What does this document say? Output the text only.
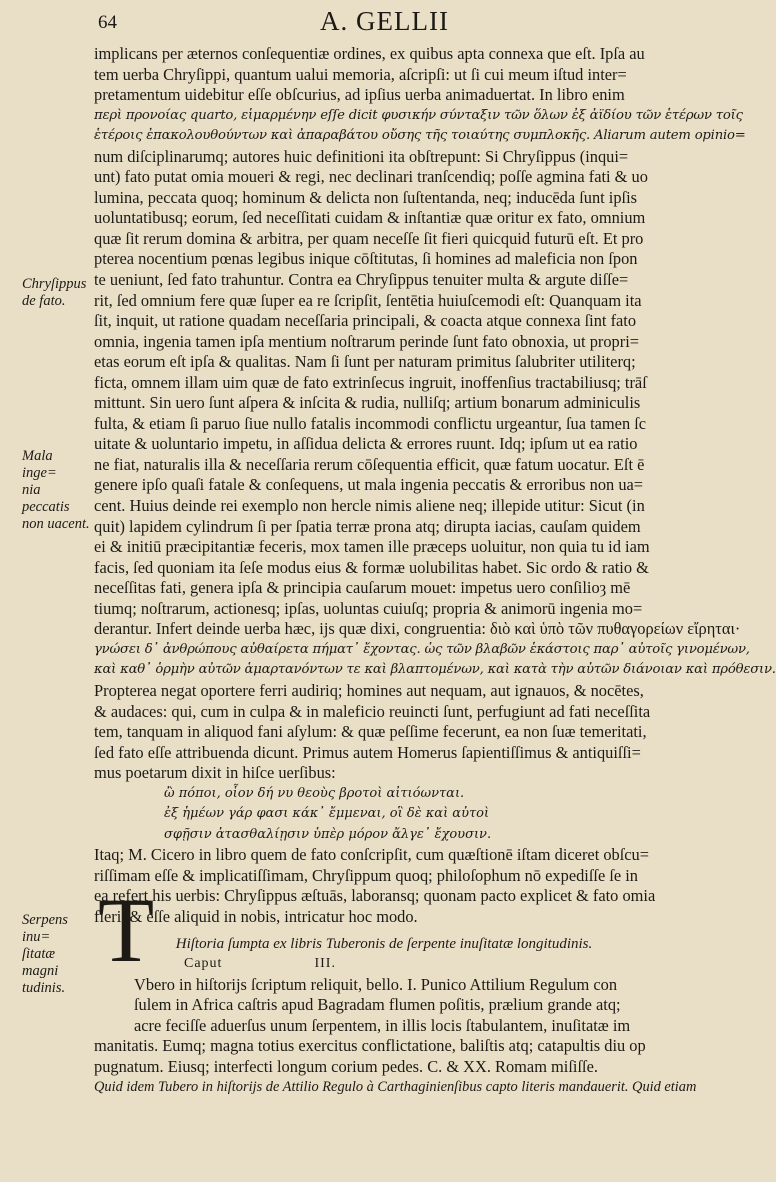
64	A. GELLII
Chryſippus
de fato.
Mala inge=
nia peccatis
non uacent.
Serpens inu=
ſitatæ magni
tudinis.
implicans per æternos conſequentiæ ordines, ex quibus apta connexa que eſt. Ipſa au
tem uerba Chryſippi, quantum ualui memoria, aſcripſi: ut ſi cui meum iſtud inter=
pretamentum uidebitur eſſe obſcurius, ad ipſius uerba animaduertat. In libro enim
περὶ προνοίας quarto, εἱμαρμένην eſſe dicit φυσικήν σύνταξιν τῶν ὅλων ἐξ ἀϊδίου τῶν ἑτέρων τοῖς
ἑτέροις ἐπακολουθούντων καὶ ἀπαραβάτου οὔσης τῆς τοιαύτης συμπλοκῆς. Aliarum autem opinio=
num diſciplinarumq; autores huic definitioni ita obſtrepunt: Si Chryſippus (inqui=
unt) fato putat omia moueri & regi, nec declinari tranſcendiq; poſſe agmina fati & uo
lumina, peccata quoq; hominum & delicta non ſuſtentanda, neq; inducēda ſunt ipſis
uoluntatibusq; eorum, ſed neceſſitati cuidam & inſtantiæ quæ oritur ex fato, omnium
quæ ſit rerum domina & arbitra, per quam neceſſe ſit fieri quicquid futurū eſt. Et pro
pterea nocentium pœnas legibus inique cōſtitutas, ſi homines ad maleficia non ſpon
te ueniunt, ſed fato trahuntur. Contra ea Chryſippus tenuiter multa & argute diſſe=
rit, ſed omnium fere quæ ſuper ea re ſcripſit, ſentētia huiuſcemodi eſt: Quanquam ita
ſit, inquit, ut ratione quadam neceſſaria principali, & coacta atque connexa ſint fato
omnia, ingenia tamen ipſa mentium noſtrarum perinde ſunt fato obnoxia, ut propri=
etas eorum eſt ipſa & qualitas. Nam ſi ſunt per naturam primitus ſalubriter utiliterq;
ficta, omnem illam uim quæ de fato extrinſecus ingruit, inoffenſius tractabiliusq; trāſ
mittunt. Sin uero ſunt aſpera & inſcita & rudia, nulliſq; artium bonarum adminiculis
fulta, & etiam ſi paruo ſiue nullo fatalis incommodi conflictu urgeantur, ſua tamen ſc
uitate & uoluntario impetu, in aſſidua delicta & errores ruunt. Idq; ipſum ut ea ratio
ne fiat, naturalis illa & neceſſaria rerum cōſequentia efficit, quæ fatum uocatur. Eſt ē
genere ipſo quaſi fatale & conſequens, ut mala ingenia peccatis & erroribus non ua=
cent. Huius deinde rei exemplo non hercle nimis aliene neq; illepide utitur: Sicut (in
quit) lapidem cylindrum ſi per ſpatia terræ prona atq; dirupta iacias, cauſam quidem
ei & initiū præcipitantiæ feceris, mox tamen ille præceps uoluitur, non quia tu id iam
facis, ſed quoniam ita ſeſe modus eius & formæ uolubilitas habet. Sic ordo & ratio &
neceſſitas fati, genera ipſa & principia cauſarum mouet: impetus uero conſilioȝ mē
tiumq; noſtrarum, actionesq; ipſas, uoluntas cuiuſq; propria & animorū ingenia mo=
derantur. Infert deinde uerba hæc, ijs quæ dixi, congruentia: διὸ καὶ ὑπὸ τῶν πυθαγορείων εἴρηται·
γνώσει δ᾽ ἀνθρώπους αὐθαίρετα πήματ᾽ ἔχοντας. ὡς τῶν βλαβῶν ἑκάστοις παρ᾽ αὐτοῖς γινομένων,
καὶ καθ᾽ ὁρμὴν αὐτῶν ἁμαρτανόντων τε καὶ βλαπτομένων, καὶ κατὰ τὴν αὐτῶν διάνοιαν καὶ πρόθεσιν.
Propterea negat oportere ferri audiriq; homines aut nequam, aut ignauos, & nocētes,
& audaces: qui, cum in culpa & in maleficio reuincti ſunt, perfugiunt ad fati neceſſita
tem, tanquam in aliquod fani aſylum: & quæ peſſime fecerunt, ea non ſuæ temeritati,
ſed fato eſſe attribuenda dicunt. Primus autem Homerus ſapientiſſimus & antiquiſſi=
mus poetarum dixit in hiſce uerſibus:
ὢ πόποι, οἷον δή νυ θεοὺς βροτοὶ αἰτιόωνται.
ἐξ ἡμέων γάρ φασι κάκ᾽ ἔμμεναι, οἳ δὲ καὶ αὐτοὶ
σφῇσιν ἀτασθαλίῃσιν ὑπὲρ μόρον ἄλγε᾽ ἔχουσιν.
Itaq; M. Cicero in libro quem de fato conſcripſit, cum quæſtionē iſtam diceret obſcu=
riſſimam eſſe & implicatiſſimam, Chryſippum quoq; philoſophum nō expediſſe ſe in
ea refert his uerbis: Chryſippus æſtuās, laboransq; quonam pacto explicet & fato omia
fieri, & eſſe aliquid in nobis, intricatur hoc modo.
Hiſtoria ſumpta ex libris Tuberonis de ſerpente inuſitatæ longitudinis.
Caput	III.
Vbero in hiſtorijs ſcriptum reliquit, bello. I. Punico Attilium Regulum con
ſulem in Africa caſtris apud Bagradam flumen poſitis, prælium grande atq;
acre feciſſe aduerſus unum ſerpentem, in illis locis ſtabulantem, inuſitatæ im
manitatis. Eumq; magna totius exercitus conflictatione, baliſtis atq; catapultis diu op
pugnatum. Eiusq; interfecti longum corium pedes. C. & XX. Romam miſiſſe.
Quid idem Tubero in hiſtorijs de Attilio Regulo à Carthaginienſibus capto literis mandauerit. Quid etiam
T
